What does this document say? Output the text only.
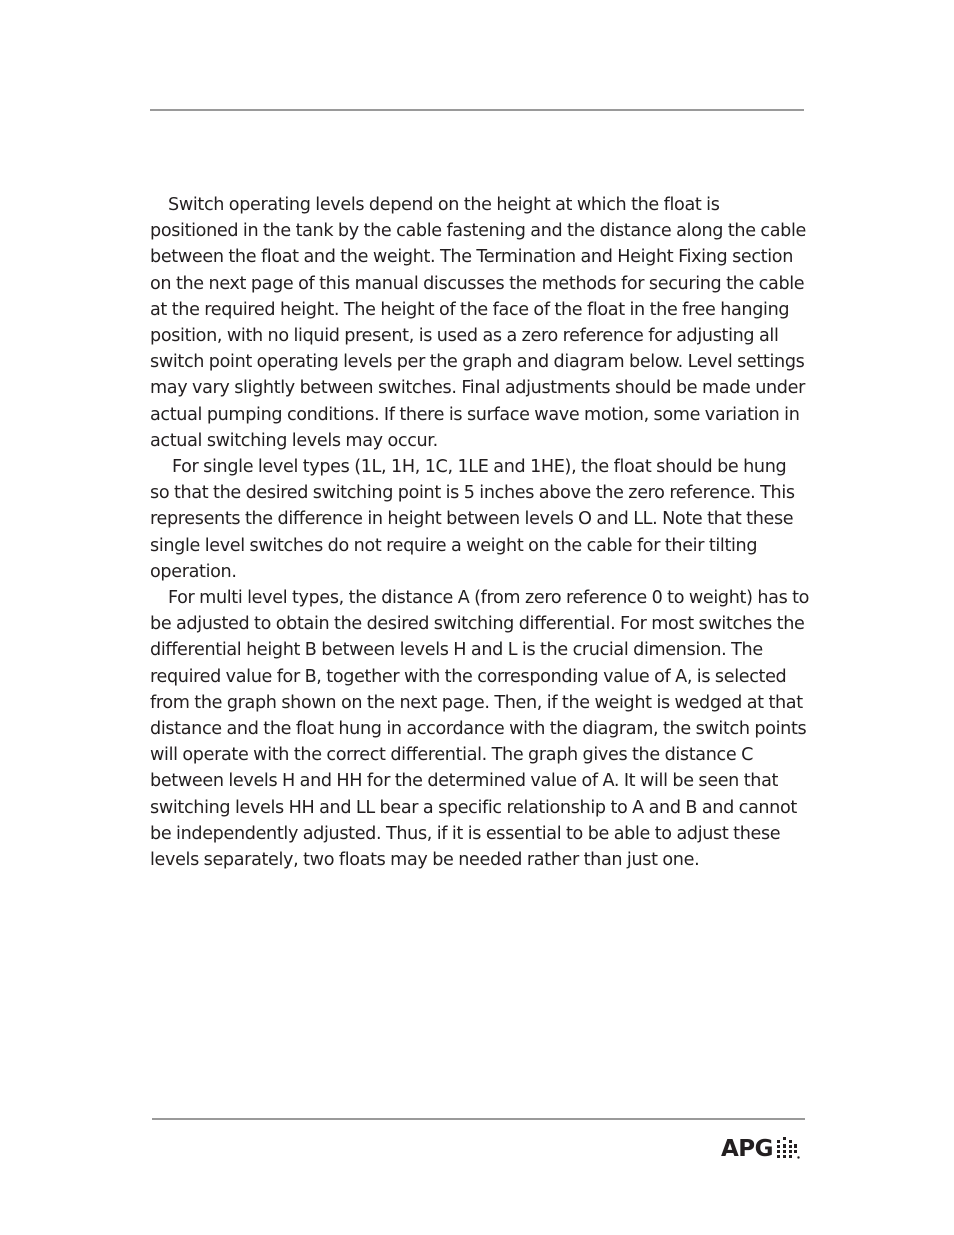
Switch operating levels depend on the height at which the float is positioned in the tank by the cable fastening and the distance along the cable between the float and the weight. The Termination and Height Fixing section on the next page of this manual discusses the methods for securing the cable at the required height. The height of the face of the float in the free hanging position, with no liquid present, is used as a zero reference for adjusting all switch point operating levels per the graph and diagram below. Level settings may vary slightly between switches. Final adjustments should be made under actual pumping conditions. If there is surface wave motion, some variation in actual switching levels may occur.

For single level types (1L, 1H, 1C, 1LE and 1HE), the float should be hung so that the desired switching point is 5 inches above the zero reference. This represents the difference in height between levels O and LL. Note that these single level switches do not require a weight on the cable for their tilting operation.

For multi level types, the distance A (from zero reference 0 to weight) has to be adjusted to obtain the desired switching differential. For most switches the differential height B between levels H and L is the crucial dimension. The required value for B, together with the corresponding value of A, is selected from the graph shown on the next page. Then, if the weight is wedged at that distance and the float hung in accordance with the diagram, the switch points will operate with the correct differential. The graph gives the distance C between levels H and HH for the determined value of A. It will be seen that switching levels HH and LL bear a specific relationship to A and B and cannot be independently adjusted. Thus, if it is essential to be able to adjust these levels separately, two floats may be needed rather than just one.

APG
